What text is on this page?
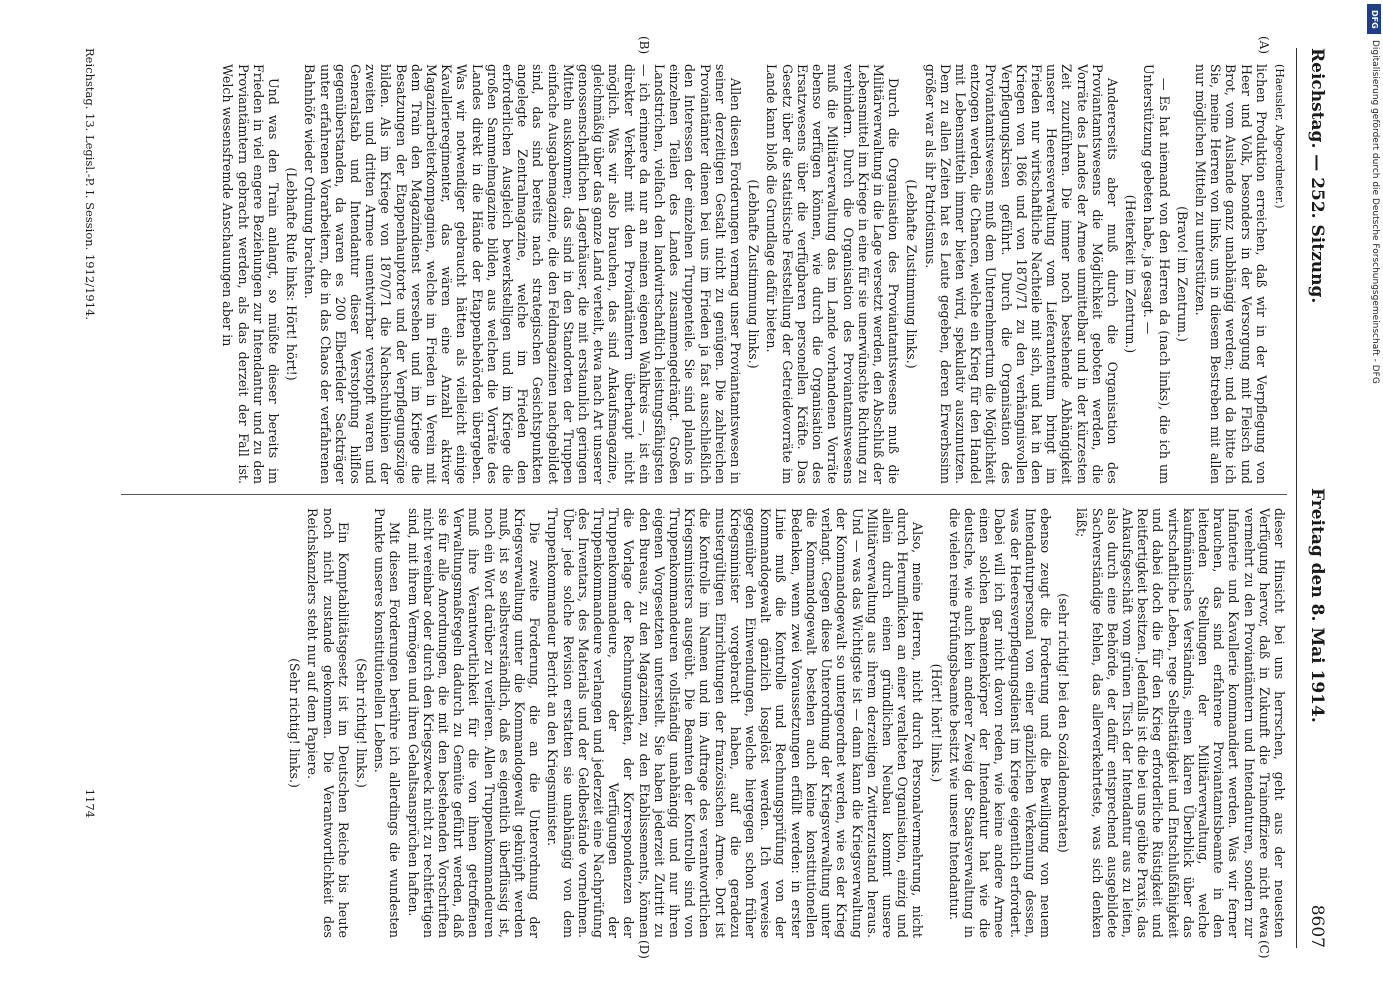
Reichstag. — 252. Sitzung.
Freitag den 8. Mai 1914.
8607
(A)
(B)
(C)
(D)

(Haeusler, Abgeordneter.)

lichen Produktion erreichen, daß wir in der Verpflegung von Heer und Volk, besonders in der Versorgung mit Fleisch und Brot, vom Auslande ganz unabhängig werden; und da bitte ich Sie, meine Herren von links, uns in diesem Bestreben mit allen nur möglichen Mitteln zu unterstützen.

(Bravo! im Zentrum.)

— Es hat niemand von den Herren da (nach links), die ich um Unterstützung gebeten habe, ja gesagt. —

(Heiterkeit im Zentrum.)

Andererseits aber muß durch die Organisation des Proviantamtswesens die Möglichkeit geboten werden, die Vorräte des Landes der Armee unmittelbar und in der kürzesten Zeit zuzuführen. Die immer noch bestehende Abhängigkeit unserer Heeresverwaltung vom Lieferantentum bringt im Frieden nur wirtschaftliche Nachteile mit sich, und hat in den Kriegen von 1866 und von 1870/71 zu den verhängnisvollen Verpflegungskrisen geführt. Durch die Organisation des Proviantamtswesens muß dem Unternehmertum die Möglichkeit entzogen werden, die Chancen, welche ein Krieg für den Handel mit Lebensmitteln immer bieten wird, spekulativ auszunutzen. Dem zu allen Zeiten hat es Leute gegeben, deren Erwerbssinn größer war als ihr Patriotismus.

(Lebhafte Zustimmung links.)

Durch die Organisation des Proviantamtswesens muß die Militärverwaltung in die Lage versetzt werden, den Abschluß der Lebensmittel im Kriege in eine für sie unerwünschte Richtung zu verhindern. Durch die Organisation des Proviantamtswesens muß die Militärverwaltung das im Lande vorhandenen Vorräte ebenso verfügen können, wie durch die Organisation des Ersatzwesens über die verfügbaren personellen Kräfte. Das Gesetz über die statistische Feststellung der Getreidevorräte im Lande kann bloß die Grundlage dafür bieten.

(Lebhafte Zustimmung links.)

Allen diesen Forderungen vermag unser Proviantamtswesen in seiner derzeitigen Gestalt nicht zu genügen. Die zahlreichen Proviantämter dienen bei uns im Frieden ja fast ausschließlich den Interessen der einzelnen Truppenteile. Sie sind planlos in einzelnen Teilen des Landes zusammengedrängt. Großen Landstrichen, vielfach den landwirtschaftlich leistungsfähigsten — ich erinnere da nur an meinen eigenen Wahlkreis —, ist ein direkter Verkehr mit den Proviantämtern überhaupt nicht möglich. Was wir also brauchen, das sind Ankaufsmagazine, gleichmäßig über das ganze Land verteilt, etwa nach Art unserer genossenschaftlichen Lagerhäuser, die mit erstaunlich geringen Mitteln auskommen; das sind in den Standorten der Truppen einfache Ausgabemagazine, die den Feldmagazinen nachgebildet sind, das sind bereits nach strategischen Gesichtspunkten angelegte Zentralmagazine, welche im Frieden den erforderlichen Ausgleich bewerkstelligen und im Kriege die großen Sammelmagazine bilden, aus welchen die Vorräte des Landes direkt in die Hände der Etappenbehörden übergeben. Was wir notwendiger gebraucht hätten als vielleicht einige Kavallerieregimenter, das wären eine Anzahl aktiver Magazinarbeiterkompagnien, welche im Frieden in Verein mit dem Train den Magazindienst versehen und im Kriege die Besatzungen der Etappenhauptorte und der Verpflegungszüge bilden. Als im Kriege von 1870/71 die Nachschublinien der zweiten und dritten Armee unentwirrbar verstopft waren und Generalstab und Intendantur dieser Verstopfung hilflos gegenüberstanden, da waren es 200 Elberfelder Sackträger unter erfahrenen Vorarbeitern, die in das Chaos der verfahrenen Bahnhöfe wieder Ordnung brachten.

(Lebhafte Rufe links: Hört! hört!)

Und was den Train anlangt, so müßte dieser bereits im Frieden in viel engere Beziehungen zur Intendantur und zu den Proviantämtern gebracht werden, als das derzeit der Fall ist. Welch wesensfremde Anschauungen aber in

dieser Hinsicht bei uns herrschen, geht aus der neuesten Verfügung hervor, daß in Zukunft die Trainoffiziere nicht etwa vermehrt zu den Proviantämtern und Intendanturen, sondern zur Infanterie und Kavallerie kommandiert werden. Was wir ferner brauchen, das sind erfahrene Proviantamtsbeamte in den leitenden Stellungen der Militärverwaltung, welche kaufmännisches Verständnis, einen klaren Überblick über das wirtschaftliche Leben, rege Selbsttätigkeit und Entschlußfähigkeit und dabei doch die für den Krieg erforderliche Rüstigkeit und Reitfertigkeit besitzen. Jedenfalls ist die bei uns geübte Praxis, das Ankaufsgeschäft vom grünen Tisch der Intendantur aus zu leiten, also durch eine Behörde, der dafür entsprechend ausgebildete Sachverständige fehlen, das allerverkehrteste, was sich denken läßt;

(sehr richtig! bei den Sozialdemokraten)

ebenso zeugt die Forderung und die Bewilligung von neuem Intendanturpersonal von einer gänzlichen Verkennung dessen, was der Heeresverpflegungsdienst im Kriege eigentlich erfordert. Dabei will ich gar nicht davon reden, wie keine andere Armee einen solchen Beamtenkörper der Intendantur hat wie die deutsche, wie auch kein anderer Zweig der Staatsverwaltung in die vielen reine Prüfungsbeamte besitzt wie unsere Intendantur.

(Hört! hört! links.)

Also, meine Herren, nicht durch Personalvermehrung, nicht durch Herumflicken an einer veralteten Organisation, einzig und allein durch einen gründlichen Neubau kommt unsere Militärverwaltung aus ihrem derzeitigen Zwitterzustand heraus. Und — was das Wichtigste ist — dann kann die Kriegsverwaltung der Kommandogewalt so untergeordnet werden, wie es der Krieg verlangt. Gegen diese Unterordnung der Kriegsverwaltung unter die Kommandogewalt bestehen auch keine konstitutionellen Bedenken, wenn zwei Voraussetzungen erfüllt werden: in erster Linie muß die Kontrolle und Rechnungsprüfung von der Kommandogewalt gänzlich losgelöst werden. Ich verweise gegenüber den Einwendungen, welche hiergegen schon früher Kriegsminister vorgebracht haben, auf die geradezu mustergültigen Einrichtungen der französischen Armee. Dort ist die Kontrolle im Namen und im Auftrage des verantwortlichen Kriegsministers ausgeübt. Die Beamten der Kontrolle sind von Truppenkommandeuren vollständig unabhängig und nur ihren eigenen Vorgesetzten unterstellt. Sie haben jederzeit Zutritt zu den Bureaus, zu den Magazinen, zu den Etablissements, können die Vorlage der Rechnungsakten, der Korrespondenzen der Truppenkommandeure, der Verfügungen der Truppenkommandeure verlangen und jederzeit eine Nachprüfung des Inventars, des Materials und der Geldbestände vornehmen. Über jede solche Revision erstatten sie unabhängig von dem Truppenkommandeur Bericht an den Kriegsminister.

Die zweite Forderung, die an die Unterordnung der Kriegsverwaltung unter die Kommandogewalt geknüpft werden muß, ist so selbstverständlich, daß es eigentlich überflüssig ist, noch ein Wort darüber zu verlieren. Allen Truppenkommandeuren muß ihre Verantwortlichkeit für die von ihnen getroffenen Verwaltungsmaßregeln dadurch zu Gemüte geführt werden, daß sie für alle Anordnungen, die mit den bestehenden Vorschriften nicht vereinbar oder durch den Kriegszweck nicht zu rechtfertigen sind, mit ihrem Vermögen und ihren Gehaltsansprüchen haften.

Mit diesen Forderungen berühre ich allerdings die wundesten Punkte unseres konstitutionellen Lebens.

(Sehr richtig! links.)

Ein Komptabilitätsgesetz ist im Deutschen Reiche bis heute noch nicht zustande gekommen. Die Verantwortlichkeit des Reichskanzlers steht nur auf dem Papiere.

(Sehr richtig! links.)

Reichstag. 13. Legisl.-P. I. Session. 1912/1914.
1174
DFG
Digitalisierung gefördert durch die Deutsche Forschungsgemeinschaft - DFG
